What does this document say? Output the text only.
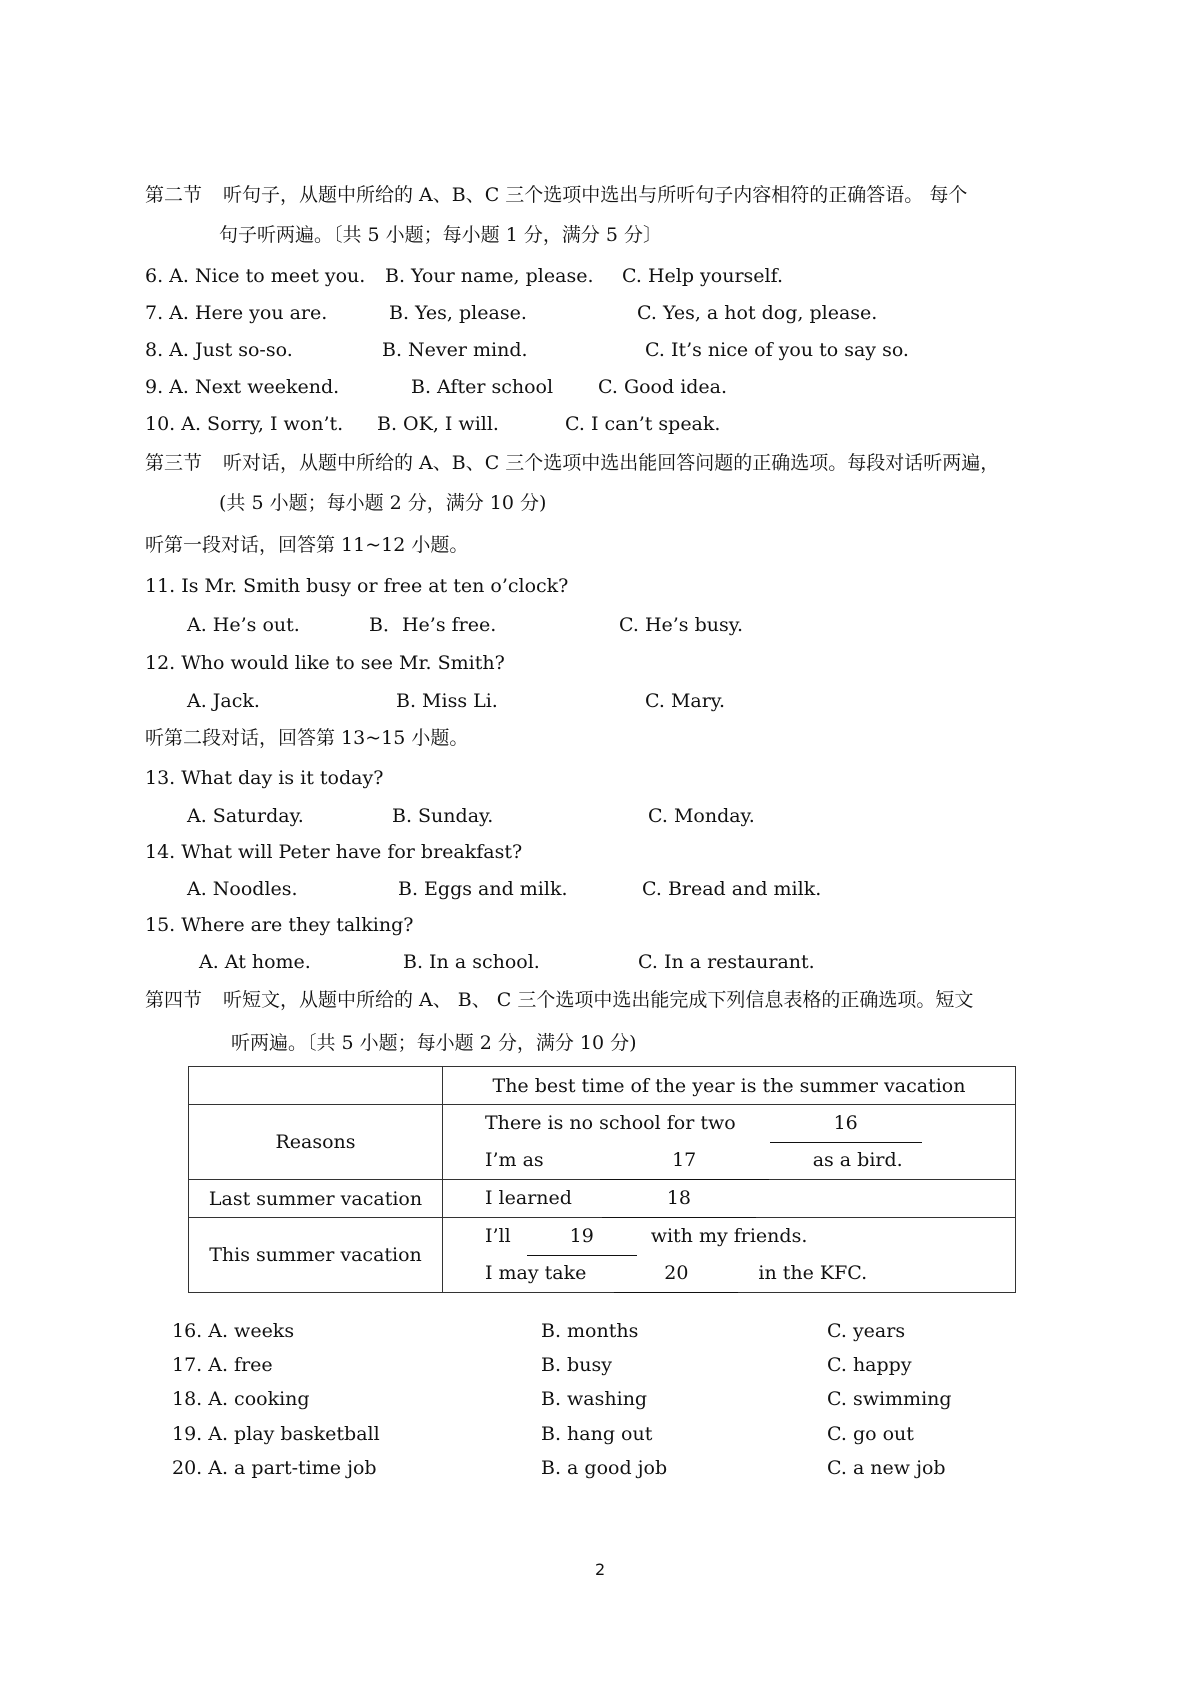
第二节 听句子，从题中所给的 A、B、C 三个选项中选出与所听句子内容相符的正确答语。 每个
句子听两遍。〔共 5 小题；每小题 1 分，满分 5 分〕
6. A. Nice to meet you. B. Your name, please. C. Help yourself.
7. A. Here you are.	B. Yes, please.	C. Yes, a hot dog, please.
8. A. Just so-so.	B. Never mind.	C. It’s nice of you to say so.
9. A. Next weekend.	B. After school C. Good idea.
10. A. Sorry, I won’t. B. OK, I will.	C. I can’t speak.
第三节 听对话，从题中所给的 A、B、C 三个选项中选出能回答问题的正确选项。每段对话听两遍，
(共 5 小题；每小题 2 分，满分 10 分)
听第一段对话，回答第 11~12 小题。
11. Is Mr. Smith busy or free at ten o’clock?
A. He’s out.	B．He’s free.	C. He’s busy.
12. Who would like to see Mr. Smith?
A. Jack.	B. Miss Li.	C. Mary.
听第二段对话，回答第 13~15 小题。
13. What day is it today?
A. Saturday.	B. Sunday.	C. Monday.
14. What will Peter have for breakfast?
A. Noodles.	B. Eggs and milk.	C. Bread and milk.
15. Where are they talking?
A. At home.	B. In a school.	C. In a restaurant.
第四节 听短文，从题中所给的 A、 B、 C 三个选项中选出能完成下列信息表格的正确选项。短文
听两遍。〔共 5 小题；每小题 2 分，满分 10 分)
	The best time of the year is the summer vacation
Reasons	There is no school for two 16
I’m as 17 as a bird.

Last summer vacation	I learned 18

This summer vacation	I’ll 19 with my friends.
I may take 20 in the KFC.
16. A. weeks	B. months	C. years
17. A. free	B. busy	C. happy
18. A. cooking	B. washing	C. swimming
19. A. play basketball	B. hang out	C. go out
20. A. a part-time job	B. a good job	C. a new job
2
